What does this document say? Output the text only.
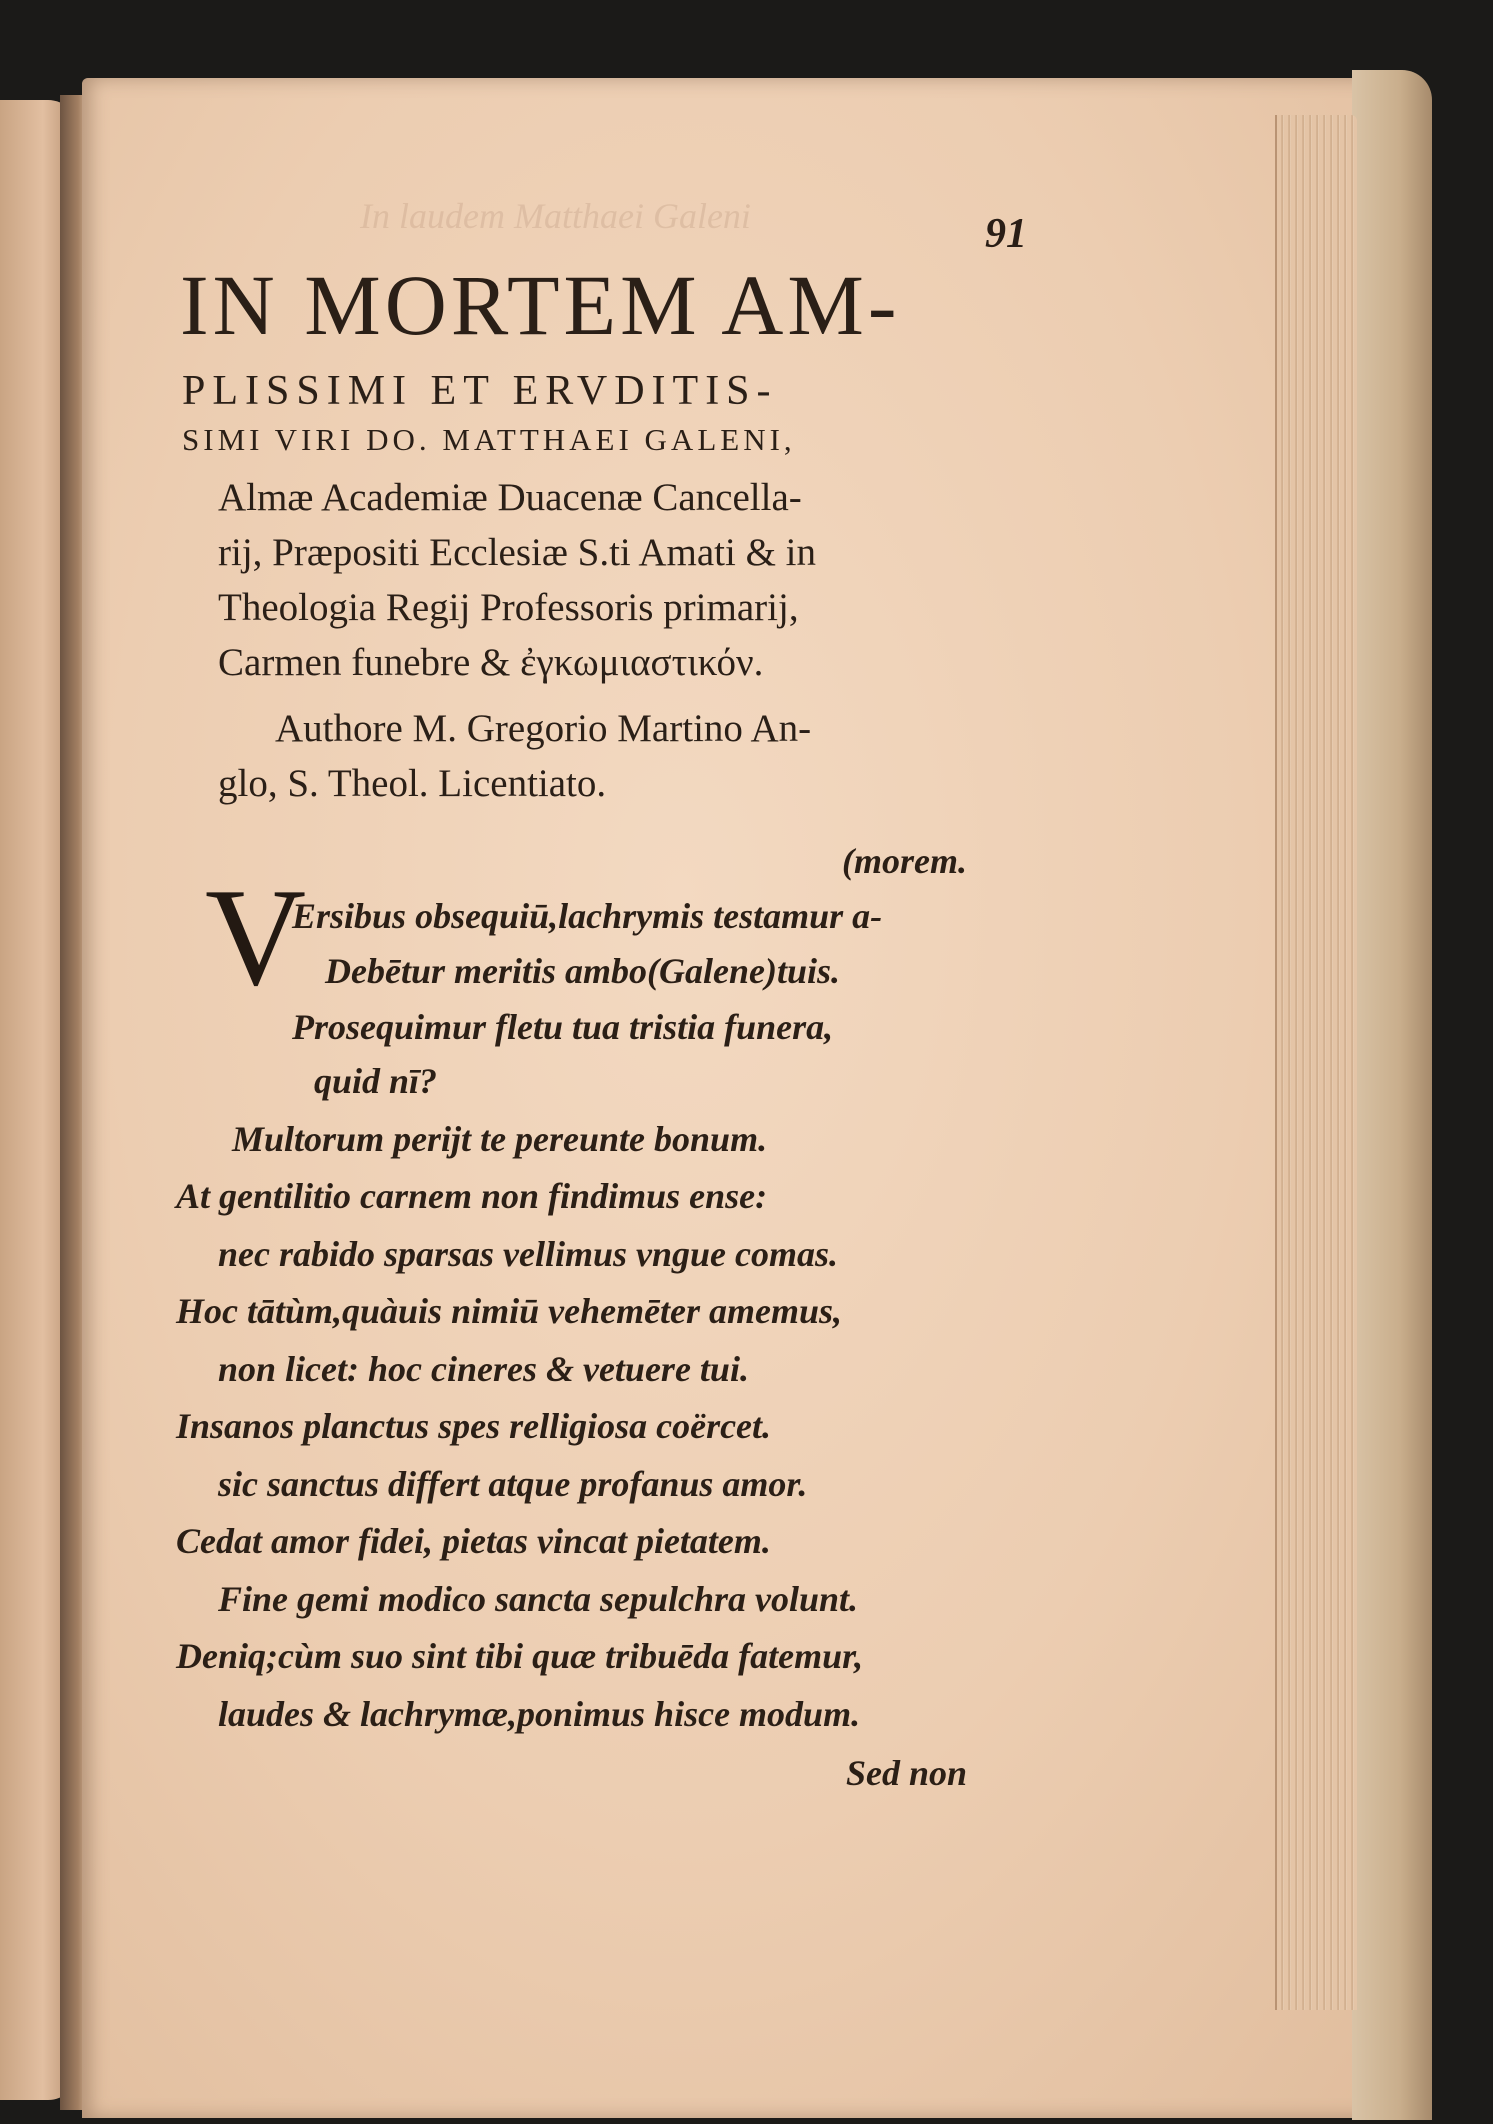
In laudem Matthaei Galeni	91
IN MORTEM AM-
PLISSIMI ET ERVDITIS-
SIMI VIRI DO. MATTHAEI GALENI,
Almæ Academiæ Duacenæ Cancella-
rij, Præpositi Ecclesiæ S.ti Amati & in
Theologia Regij Professoris primarij,
Carmen funebre & ἐγκωμιαστικόν.
Authore M. Gregorio Martino An-
glo, S. Theol. Licentiato.
(morem.
V
Ersibus obsequiū,lachrymis testamur a-
Debētur meritis ambo(Galene)tuis.
Prosequimur fletu tua tristia funera,
quid nī?
Multorum perijt te pereunte bonum.
At gentilitio carnem non findimus ense:
nec rabido sparsas vellimus vngue comas.
Hoc tātùm,quàuis nimiū vehemēter amemus,
non licet: hoc cineres & vetuere tui.
Insanos planctus spes relligiosa coërcet.
sic sanctus differt atque profanus amor.
Cedat amor fidei, pietas vincat pietatem.
Fine gemi modico sancta sepulchra volunt.
Deniq;cùm suo sint tibi quæ tribuēda fatemur,
laudes & lachrymæ,ponimus hisce modum.
Sed non
